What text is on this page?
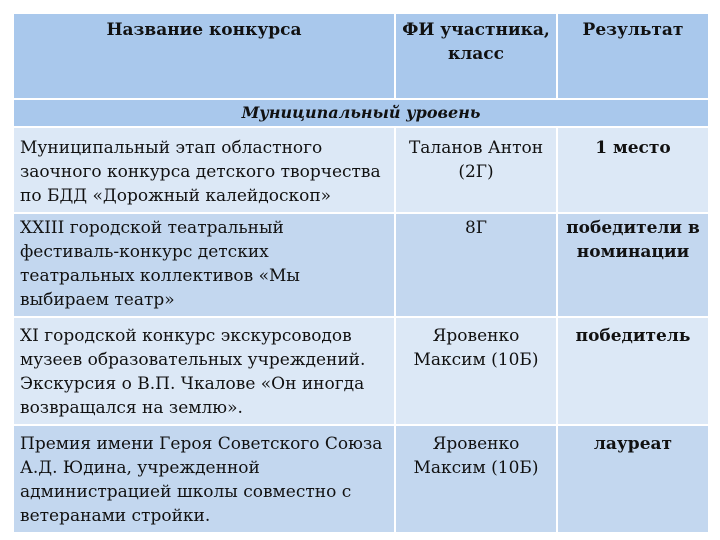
Название конкурса	ФИ участника, класс	Результат
Муниципальный уровень		
Муниципальный этап областного заочного конкурса детского творчества по БДД «Дорожный калейдоскоп»	Таланов Антон (2Г)	1 место
XXIII городской театральный фестиваль-конкурс детских театральных коллективов «Мы выбираем театр»	8Г	победители в номинации
XI городской конкурс экскурсоводов музеев образовательных учреждений. Экскурсия о В.П. Чкалове «Он иногда возвращался на землю».	Яровенко Максим (10Б)	победитель
Премия имени Героя Советского Союза А.Д. Юдина, учрежденной администрацией школы совместно с ветеранами стройки.	Яровенко Максим (10Б)	лауреат
